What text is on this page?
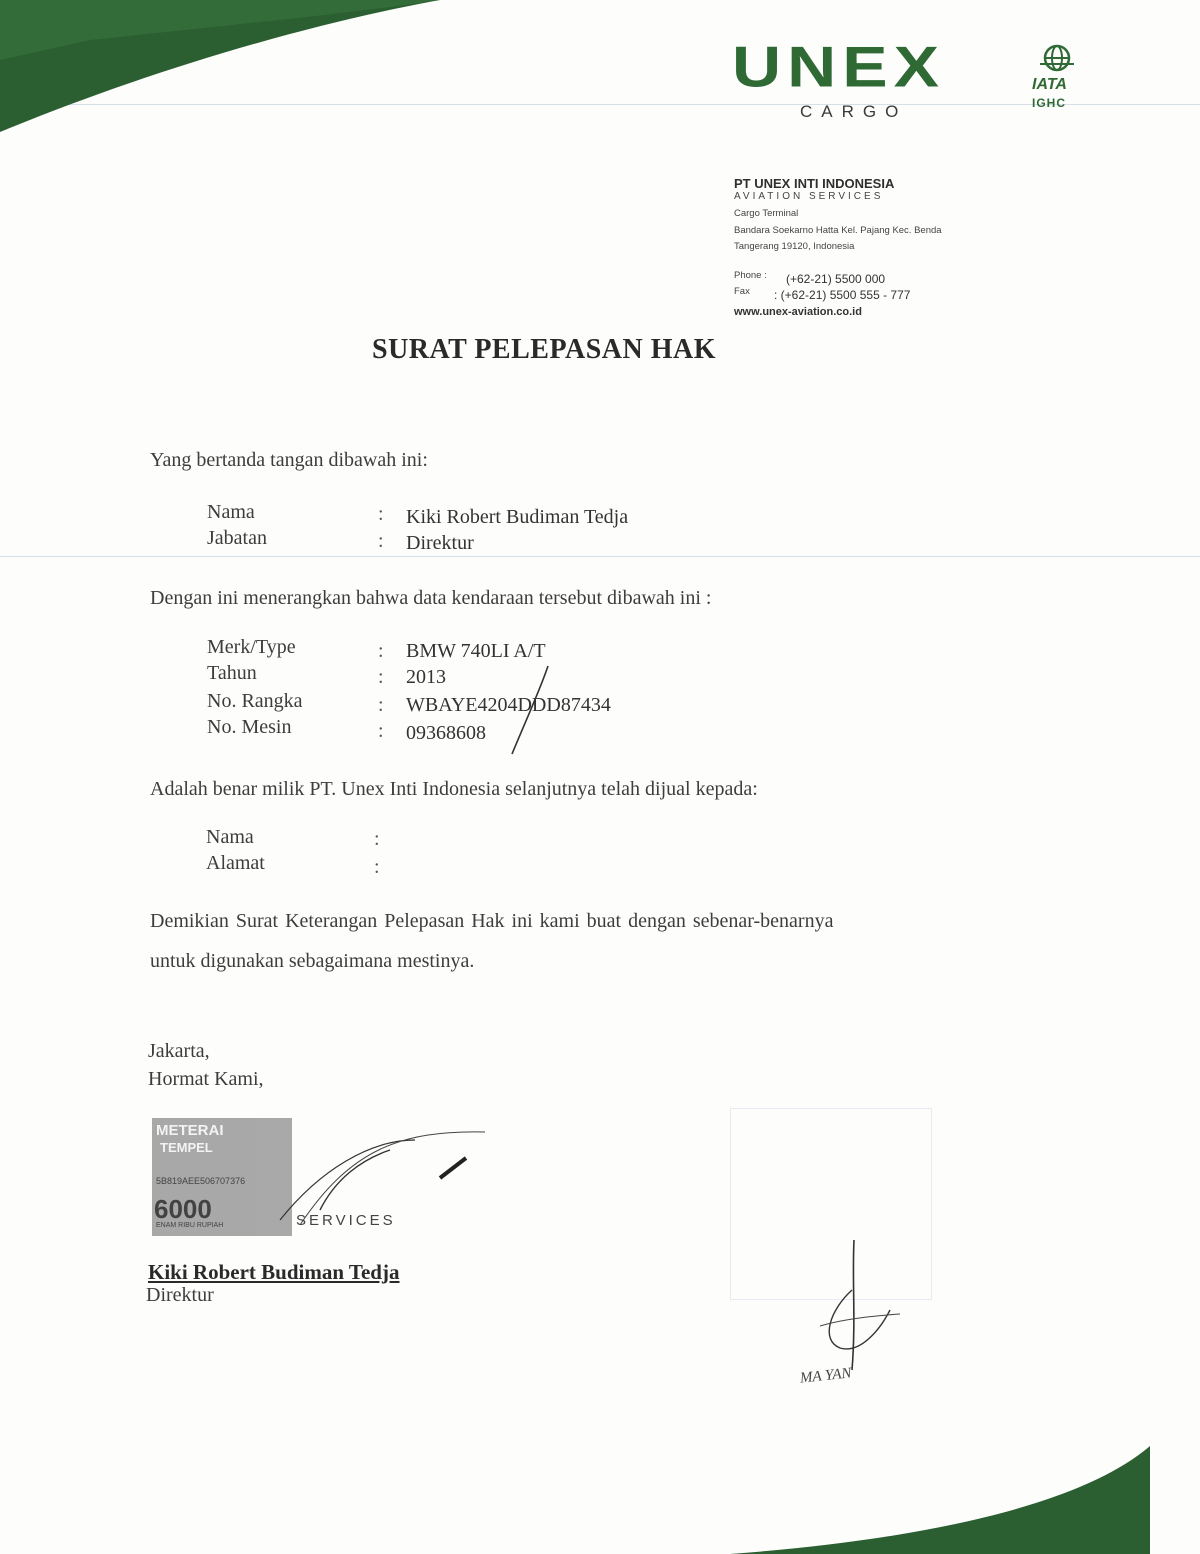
UNEX
CARGO
IATA
IGHC
PT UNEX INTI INDONESIA
AVIATION SERVICES
Cargo Terminal
Bandara Soekarno Hatta Kel. Pajang Kec. Benda
Tangerang 19120, Indonesia
Phone : (+62-21) 5500 000
Fax : (+62-21) 5500 555 - 777
www.unex-aviation.co.id
SURAT PELEPASAN HAK
Yang bertanda tangan dibawah ini:
Nama	: Kiki Robert Budiman Tedja
Jabatan	: Direktur
Dengan ini menerangkan bahwa data kendaraan tersebut dibawah ini :
Merk/Type	: BMW 740LI A/T
Tahun	: 2013
No. Rangka	: WBAYE4204DDD87434
No. Mesin	: 09368608
Adalah benar milik PT. Unex Inti Indonesia selanjutnya telah dijual kepada:
Nama	:
Alamat	:
Demikian Surat Keterangan Pelepasan Hak ini kami buat dengan sebenar-benarnya
untuk digunakan sebagaimana mestinya.
Jakarta,
Hormat Kami,
METERAI
TEMPEL
5B819AEE506707376
6000
ENAM RIBU RUPIAH	SERVICES
Kiki Robert Budiman Tedja
Direktur
MA YAN
